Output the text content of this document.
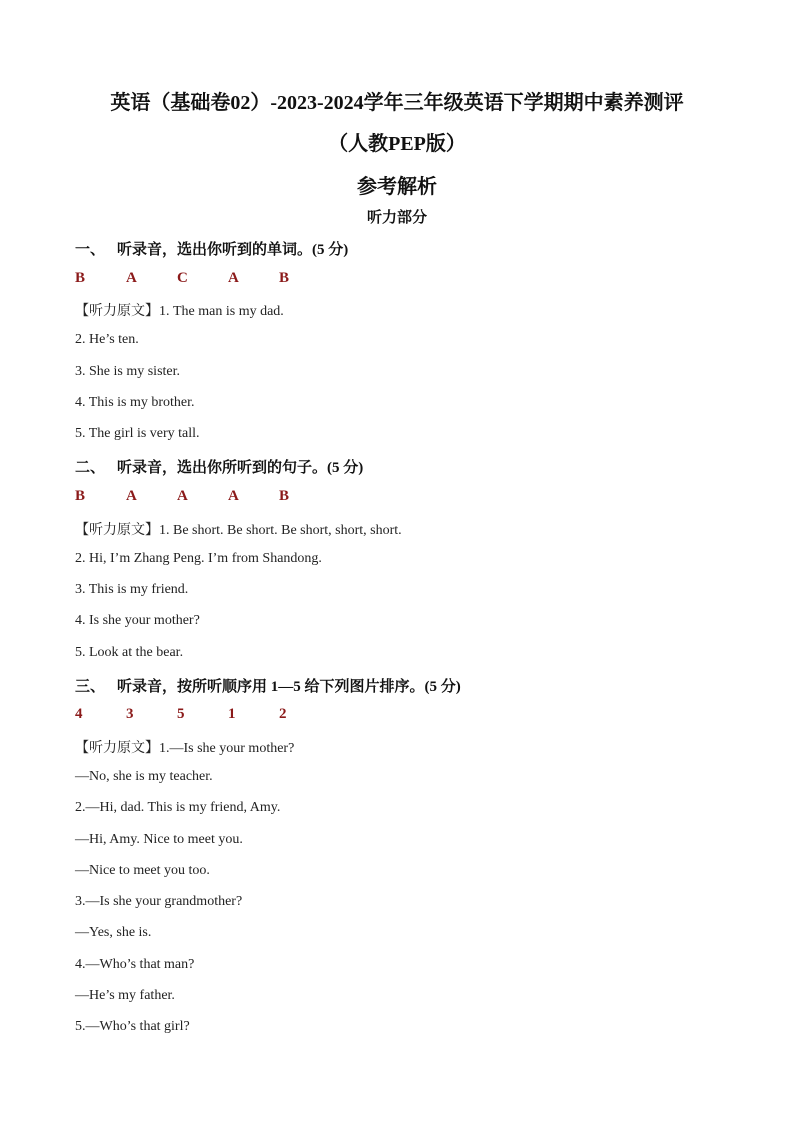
英语（基础卷02）-2023-2024学年三年级英语下学期期中素养测评
（人教PEP版）
参考解析
听力部分
一、 听录音，选出你听到的单词。(5 分)
B	A	C	A	B
【听力原文】1. The man is my dad.
2. He’s ten.
3. She is my sister.
4. This is my brother.
5. The girl is very tall.
二、 听录音，选出你所听到的句子。(5 分)
B	A	A	A	B
【听力原文】1. Be short. Be short. Be short, short, short.
2. Hi, I’m Zhang Peng. I’m from Shandong.
3. This is my friend.
4. Is she your mother?
5. Look at the bear.
三、 听录音，按所听顺序用 1—5 给下列图片排序。(5 分)
4	3	5	1	2
【听力原文】1.—Is she your mother?
—No, she is my teacher.
2.—Hi, dad. This is my friend, Amy.
—Hi, Amy. Nice to meet you.
—Nice to meet you too.
3.—Is she your grandmother?
—Yes, she is.
4.—Who’s that man?
—He’s my father.
5.—Who’s that girl?
